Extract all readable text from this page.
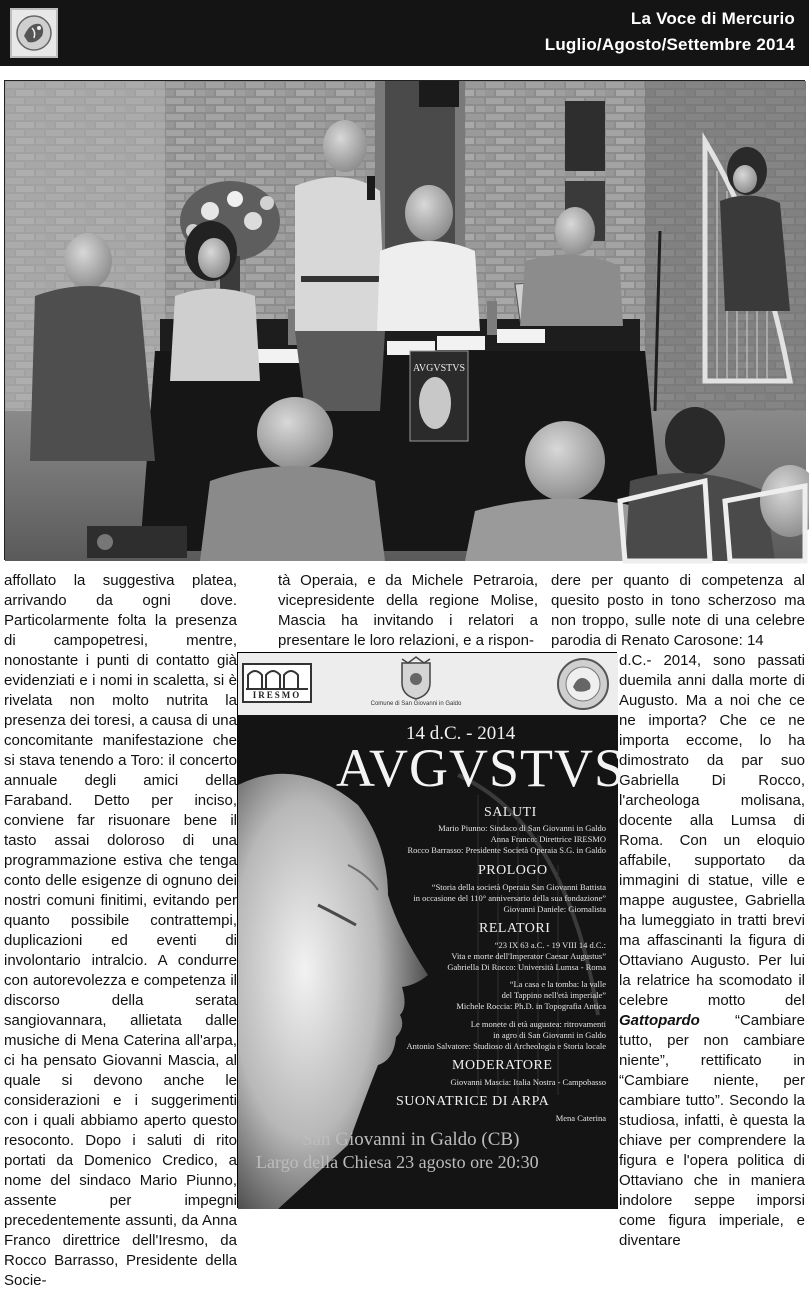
La Voce di Mercurio
Luglio/Agosto/Settembre 2014
AVGVSTVS

affollato la suggestiva platea, arrivando da ogni dove. Particolarmente folta la presenza di campopetresi, mentre, nonostante i punti di contatto già evidenziati e i nomi in scaletta, si è rivelata non molto nutrita la presenza dei toresi, a causa di una concomitante manifestazione che si stava tenendo a Toro: il concerto annuale degli amici della Faraband. Detto per inciso, conviene far risuonare bene il tasto assai doloroso di una programmazione estiva che tenga conto delle esigenze di ognuno dei nostri comuni finitimi, evitando per quanto possibile contrattempi, duplicazioni ed eventi di involontario intralcio. A condurre con autorevolezza e competenza il discorso della serata sangiovannara, allietata dalle musiche di Mena Caterina all'arpa, ci ha pensato Giovanni Mascia, al quale si devono anche le considerazioni e i suggerimenti con i quali abbiamo aperto questo resoconto. Dopo i saluti di rito portati da Domenico Credico, a nome del sindaco Mario Piunno, assente per impegni precedentemente assunti, da Anna Franco direttrice dell'Iresmo, da Rocco Barrasso, Presidente della Socie-

tà Operaia, e da Michele Petraroia, vicepresidente della regione Molise, Mascia ha invitando i relatori a presentare le loro relazioni, e a rispon-

dere per quanto di competenza al quesito posto in tono scherzoso ma non troppo, sulle note di una celebre parodia di Renato Carosone: 14

d.C.- 2014, sono passati duemila anni dalla morte di Augusto. Ma a noi che ce ne importa? Che ce ne importa eccome, lo ha dimostrato da par suo Gabriella Di Rocco, l'archeologa molisana, docente alla Lumsa di Roma. Con un eloquio affabile, supportato da immagini di statue, ville e mappe augustee, Gabriella ha lumeggiato in tratti brevi ma affascinanti la figura di Ottaviano Augusto. Per lui la relatrice ha scomodato il celebre motto del Gattopardo “Cambiare tutto, per non cambiare niente”, rettificato in “Cambiare niente, per cambiare tutto”. Secondo la studiosa, infatti, è questa la chiave per comprendere la figura e l'opera politica di Ottaviano che in maniera indolore seppe imporsi come figura imperiale, e diventare
IRESMO
Comune di San Giovanni in Galdo
14 d.C. - 2014
AVGVSTVS
SALUTI
Mario Piunno: Sindaco di San Giovanni in Galdo
Anna Franco: Direttrice IRESMO
Rocco Barrasso: Presidente Società Operaia S.G. in Galdo
PROLOGO
“Storia della società Operaia San Giovanni Battista
in occasione del 110° anniversario della sua fondazione”
Giovanni Daniele: Giornalista
RELATORI
“23 IX 63 a.C. - 19 VIII 14 d.C.:
Vita e morte dell'Imperator Caesar Augustus”
Gabriella Di Rocco: Università Lumsa - Roma
“La casa e la tomba: la valle
del Tappino nell'età imperiale”
Michele Roccia: Ph.D. in Topografia Antica
Le monete di età augustea: ritrovamenti
in agro di San Giovanni in Galdo
Antonio Salvatore: Studioso di Archeologia e Storia locale
MODERATORE
Giovanni Mascia: Italia Nostra - Campobasso
SUONATRICE DI ARPA
Mena Caterina
San Giovanni in Galdo (CB)
Largo della Chiesa 23 agosto ore 20:30
